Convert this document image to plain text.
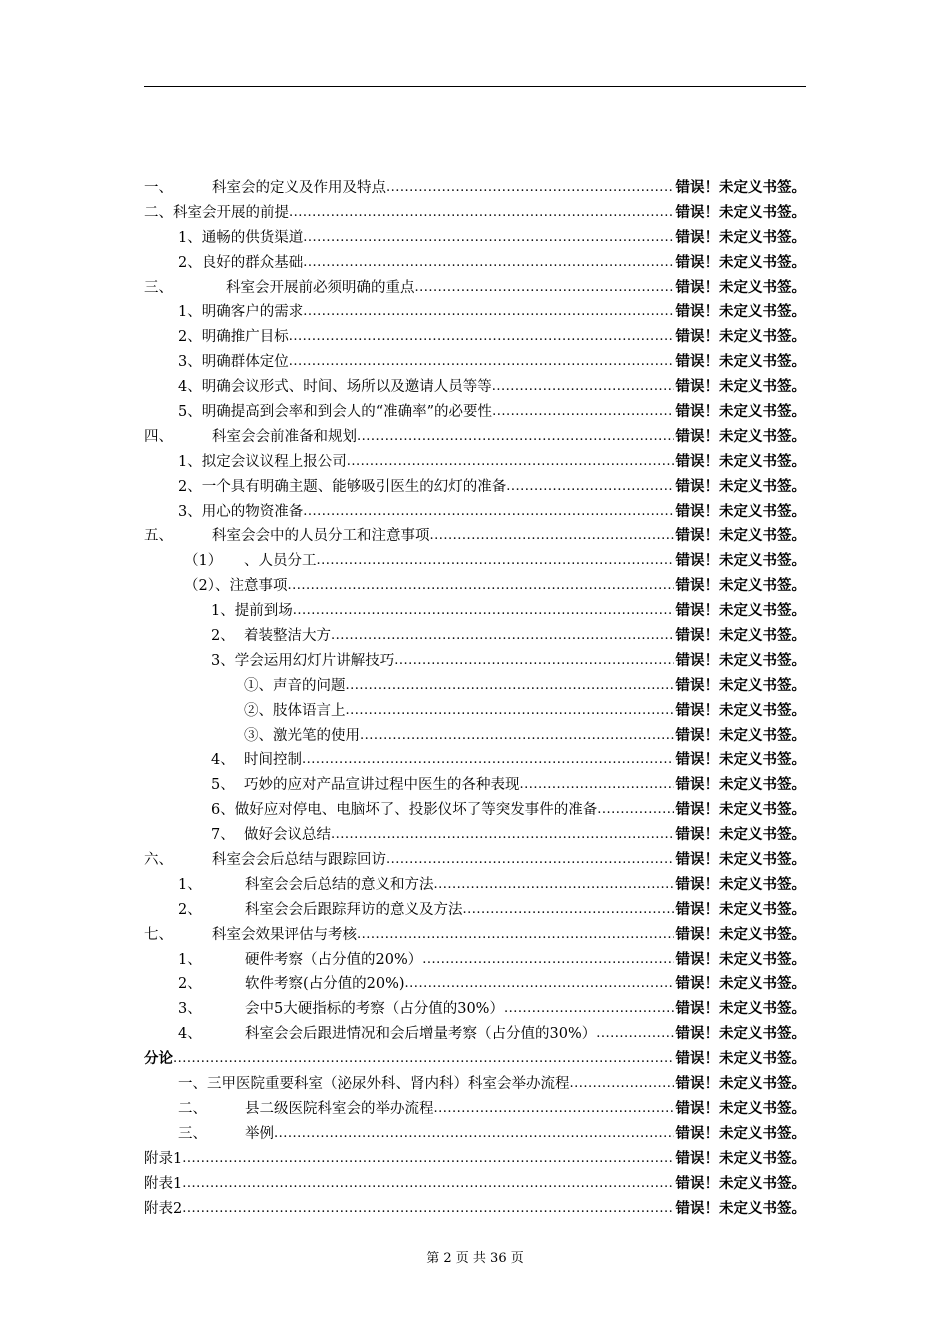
一、	科室会的定义及作用及特点 .....	错误！未定义书签。
二、科室会开展的前提 .....	错误！未定义书签。
1、通畅的供货渠道 .....	错误！未定义书签。
2、良好的群众基础 .....	错误！未定义书签。
三、	科室会开展前必须明确的重点 .....	错误！未定义书签。
1、明确客户的需求 .....	错误！未定义书签。
2、明确推广目标 .....	错误！未定义书签。
3、明确群体定位 .....	错误！未定义书签。
4、明确会议形式、时间、场所以及邀请人员等等 .....	错误！未定义书签。
5、明确提高到会率和到会人的“准确率”的必要性 .....	错误！未定义书签。
四、	科室会会前准备和规划 .....	错误！未定义书签。
1、拟定会议议程上报公司 .....	错误！未定义书签。
2、一个具有明确主题、能够吸引医生的幻灯的准备 .....	错误！未定义书签。
3、用心的物资准备 .....	错误！未定义书签。
五、	科室会会中的人员分工和注意事项 .....	错误！未定义书签。
（1）	、人员分工 .....	错误！未定义书签。
（2）、注意事项 .....	错误！未定义书签。
1、提前到场 .....	错误！未定义书签。
2、 着装整洁大方 .....	错误！未定义书签。
3、学会运用幻灯片讲解技巧 .....	错误！未定义书签。
①、声音的问题 .....	错误！未定义书签。
②、肢体语言上 .....	错误！未定义书签。
③、激光笔的使用 .....	错误！未定义书签。
4、 时间控制 .....	错误！未定义书签。
5、 巧妙的应对产品宣讲过程中医生的各种表现 .....	错误！未定义书签。
6、做好应对停电、电脑坏了、投影仪坏了等突发事件的准备 .....	错误！未定义书签。
7、 做好会议总结 .....	错误！未定义书签。
六、	科室会会后总结与跟踪回访 .....	错误！未定义书签。
1、	科室会会后总结的意义和方法 .....	错误！未定义书签。
2、	科室会会后跟踪拜访的意义及方法 .....	错误！未定义书签。
七、	科室会效果评估与考核 .....	错误！未定义书签。
1、	硬件考察（占分值的20%） .....	错误！未定义书签。
2、	软件考察(占分值的20%) .....	错误！未定义书签。
3、	会中5大硬指标的考察（占分值的30%） .....	错误！未定义书签。
4、	科室会会后跟进情况和会后增量考察（占分值的30%） .....	错误！未定义书签。
分论 .....	错误！未定义书签。
一、三甲医院重要科室（泌尿外科、肾内科）科室会举办流程 .....	错误！未定义书签。
二、	县二级医院科室会的举办流程 .....	错误！未定义书签。
三、	举例 .....	错误！未定义书签。
附录1 .....	错误！未定义书签。
附表1 .....	错误！未定义书签。
附表2 .....	错误！未定义书签。
第 2 页 共 36 页
